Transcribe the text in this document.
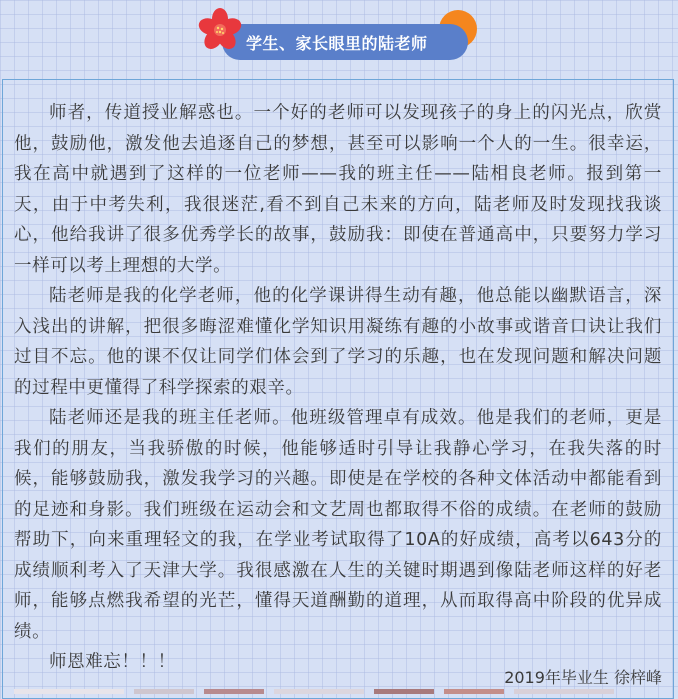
学生、家长眼里的陆老师

师者，传道授业解惑也。一个好的老师可以发现孩子的身上的闪光点，欣赏他，鼓励他，激发他去追逐自己的梦想，甚至可以影响一个人的一生。很幸运，我在高中就遇到了这样的一位老师——我的班主任——陆相良老师。报到第一天，由于中考失利，我很迷茫,看不到自己未来的方向，陆老师及时发现找我谈心，他给我讲了很多优秀学长的故事，鼓励我：即使在普通高中，只要努力学习一样可以考上理想的大学。

陆老师是我的化学老师，他的化学课讲得生动有趣，他总能以幽默语言，深入浅出的讲解，把很多晦涩难懂化学知识用凝练有趣的小故事或谐音口诀让我们过目不忘。他的课不仅让同学们体会到了学习的乐趣，也在发现问题和解决问题的过程中更懂得了科学探索的艰辛。

陆老师还是我的班主任老师。他班级管理卓有成效。他是我们的老师，更是我们的朋友，当我骄傲的时候，他能够适时引导让我静心学习，在我失落的时候，能够鼓励我，激发我学习的兴趣。即使是在学校的各种文体活动中都能看到的足迹和身影。我们班级在运动会和文艺周也都取得不俗的成绩。在老师的鼓励帮助下，向来重理轻文的我，在学业考试取得了10A的好成绩，高考以643分的成绩顺利考入了天津大学。我很感激在人生的关键时期遇到像陆老师这样的好老师，能够点燃我希望的光芒，懂得天道酬勤的道理，从而取得高中阶段的优异成绩。

师恩难忘！！！

2019年毕业生 徐梓峰
